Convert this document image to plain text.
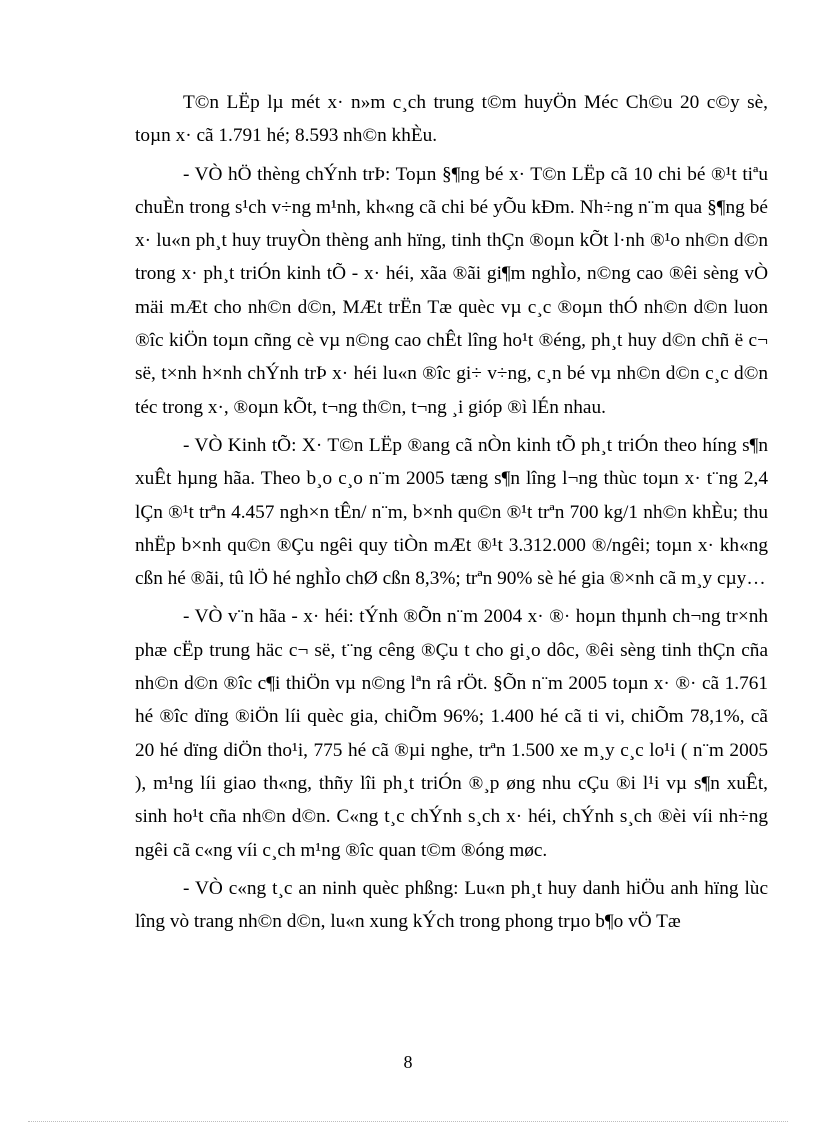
T©n LËp lµ mét x· n»m c¸ch trung t©m huyÖn Méc Ch©u 20 c©y sè, toµn x· cã 1.791 hé; 8.593 nh©n khÈu.

- VÒ hÖ thèng chÝnh trÞ: Toµn §¶ng bé x· T©n LËp cã 10 chi bé ®¹t tiªu chuÈn trong s¹ch v÷ng m¹nh, kh«ng cã chi bé yÕu kÐm. Nh÷ng n¨m qua §¶ng bé x· lu«n ph¸t huy truyÒn thèng anh hïng, tinh thÇn ®oµn kÕt l·nh ®¹o nh©n d©n trong x· ph¸t triÓn kinh tÕ - x· héi, xãa ®ãi gi¶m nghÌo, n©ng cao ®êi sèng vÒ mäi mÆt cho nh©n d©n, MÆt trËn Tæ quèc vµ c¸c ®oµn thÓ nh©n d©n luon ®îc kiÖn toµn cñng cè vµ n©ng cao chÊt lîng ho¹t ®éng, ph¸t huy d©n chñ ë c¬ së, t×nh h×nh chÝnh trÞ x· héi lu«n ®îc gi÷ v÷ng, c¸n bé vµ nh©n d©n c¸c d©n téc trong x·, ®oµn kÕt, t¬ng th©n, t¬ng ¸i gióp ®ì lÉn nhau.

- VÒ Kinh tÕ: X· T©n LËp ®ang cã nÒn kinh tÕ ph¸t triÓn theo híng s¶n xuÊt hµng hãa. Theo b¸o c¸o n¨m 2005 tæng s¶n lîng l¬ng thùc toµn x· t¨ng 2,4 lÇn ®¹t trªn 4.457 ngh×n tÊn/ n¨m, b×nh qu©n ®¹t trªn 700 kg/1 nh©n khÈu; thu nhËp b×nh qu©n ®Çu ngêi quy tiÒn mÆt ®¹t 3.312.000 ®/ngêi; toµn x· kh«ng cßn hé ®ãi, tû lÖ hé nghÌo chØ cßn 8,3%; trªn 90% sè hé gia ®×nh cã m¸y cµy…

- VÒ v¨n hãa - x· héi: tÝnh ®Õn n¨m 2004 x· ®· hoµn thµnh ch¬ng tr×nh phæ cËp trung häc c¬ së, t¨ng cêng ®Çu t cho gi¸o dôc, ®êi sèng tinh thÇn cña nh©n d©n ®îc c¶i thiÖn vµ n©ng lªn râ rÖt. §Õn n¨m 2005 toµn x· ®· cã 1.761 hé ®îc dïng ®iÖn líi quèc gia, chiÕm 96%; 1.400 hé cã ti vi, chiÕm 78,1%, cã 20 hé dïng diÖn tho¹i, 775 hé cã ®µi nghe, trªn 1.500 xe m¸y c¸c lo¹i ( n¨m 2005 ), m¹ng líi giao th«ng, thñy lîi ph¸t triÓn ®¸p øng nhu cÇu ®i l¹i vµ s¶n xuÊt, sinh ho¹t cña nh©n d©n. C«ng t¸c chÝnh s¸ch x· héi, chÝnh s¸ch ®èi víi nh÷ng ngêi cã c«ng víi c¸ch m¹ng ®îc quan t©m ®óng møc.

- VÒ c«ng t¸c an ninh quèc phßng: Lu«n ph¸t huy danh hiÖu anh hïng lùc lîng vò trang nh©n d©n, lu«n xung kÝch trong phong trµo b¶o vÖ Tæ

8
